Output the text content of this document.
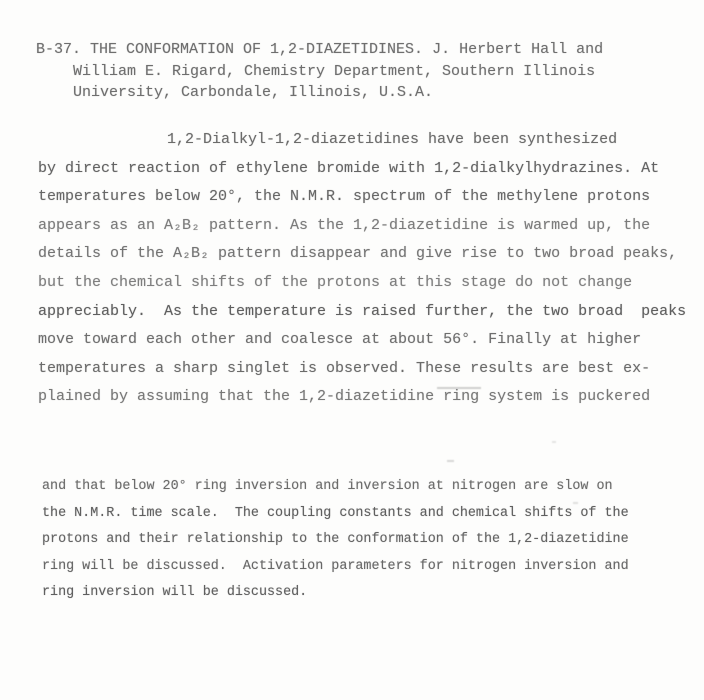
B-37. THE CONFORMATION OF 1,2-DIAZETIDINES. J. Herbert Hall and
William E. Rigard, Chemistry Department, Southern Illinois
University, Carbondale, Illinois, U.S.A.
1,2-Dialkyl-1,2-diazetidines have been synthesized
by direct reaction of ethylene bromide with 1,2-dialkylhydrazines. At
temperatures below 20°, the N.M.R. spectrum of the methylene protons
appears as an A₂B₂ pattern. As the 1,2-diazetidine is warmed up, the
details of the A₂B₂ pattern disappear and give rise to two broad peaks,
but the chemical shifts of the protons at this stage do not change
appreciably.  As the temperature is raised further, the two broad  peaks
move toward each other and coalesce at about 56°. Finally at higher
temperatures a sharp singlet is observed. These results are best ex-
plained by assuming that the 1,2-diazetidine ring system is puckered
and that below 20° ring inversion and inversion at nitrogen are slow on
the N.M.R. time scale.  The coupling constants and chemical shifts of the
protons and their relationship to the conformation of the 1,2-diazetidine
ring will be discussed.  Activation parameters for nitrogen inversion and
ring inversion will be discussed.
